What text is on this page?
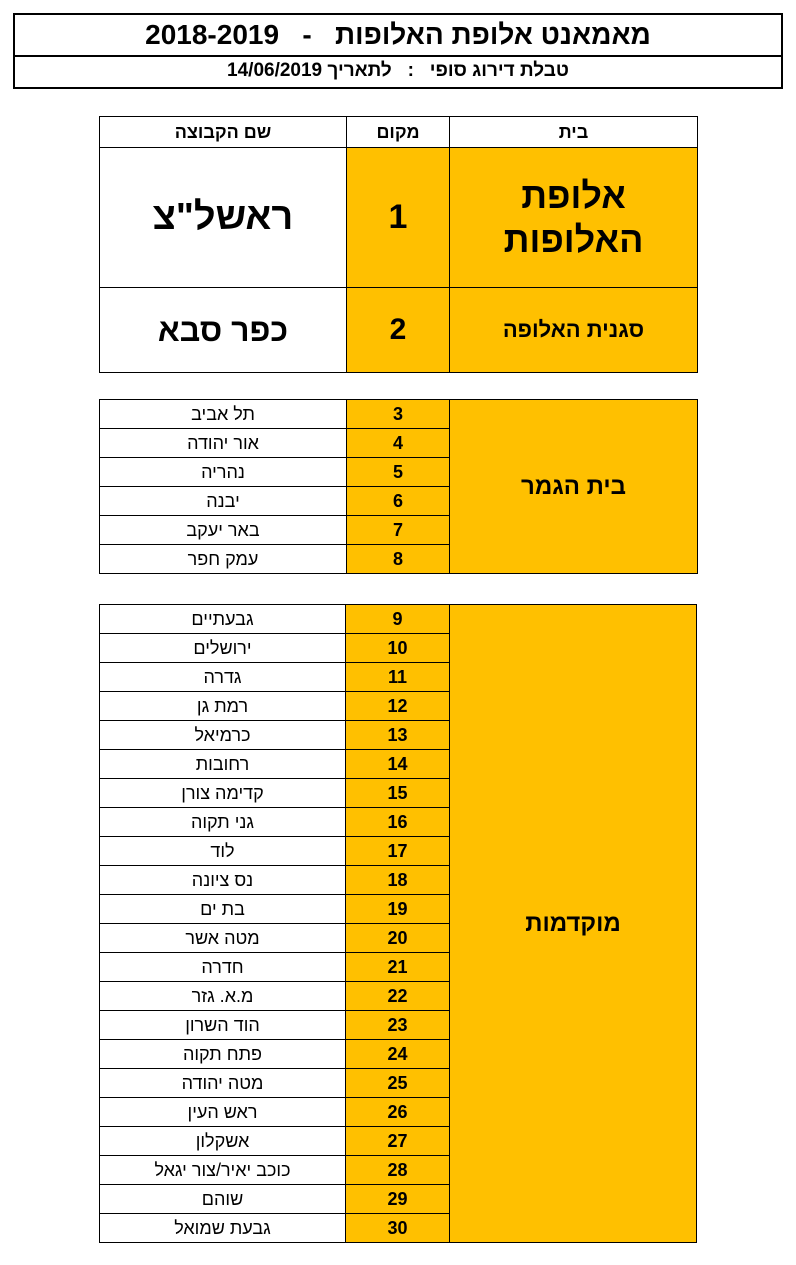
מאמאנט אלופת האלופות   -   2018-2019
טבלת דירוג סופי   :   לתאריך 14/06/2019
שם הקבוצה	מקום	בית
ראשל"צ	1	אלופת
האלופות

כפר סבא	2	סגנית האלופה
תל אביב	3	בית הגמר
אור יהודה	4	
נהריה	5	
יבנה	6	
באר יעקב	7	
עמק חפר	8	
גבעתיים	9	מוקדמות
ירושלים	10	
גדרה	11	
רמת גן	12	
כרמיאל	13	
רחובות	14	
קדימה צורן	15	
גני תקוה	16	
לוד	17	
נס ציונה	18	
בת ים	19	
מטה אשר	20	
חדרה	21	
מ.א. גזר	22	
הוד השרון	23	
פתח תקוה	24	
מטה יהודה	25	
ראש העין	26	
אשקלון	27	
כוכב יאיר/צור יגאל	28	
שוהם	29	
גבעת שמואל	30	
